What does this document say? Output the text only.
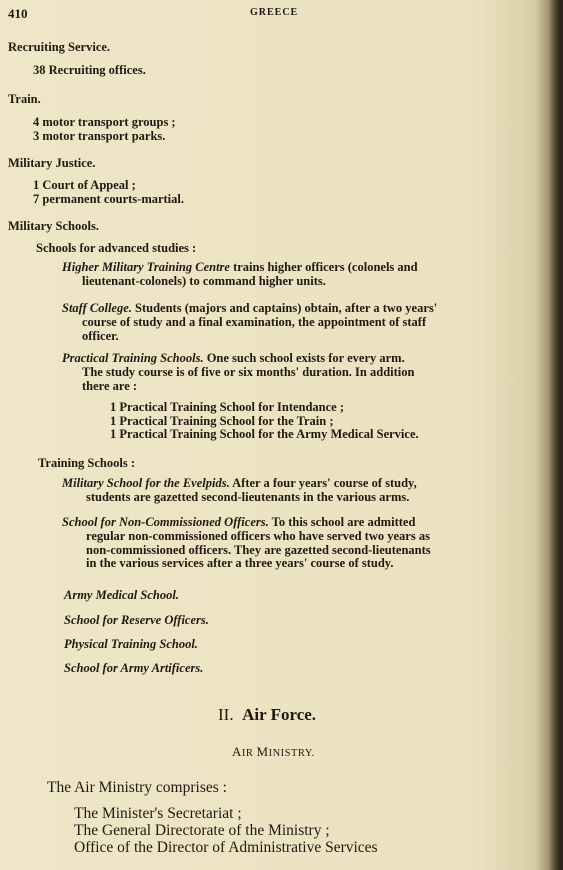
410	GREECE
Recruiting Service.
38 Recruiting offices.
Train.
4 motor transport groups ;
3 motor transport parks.
Military Justice.
1 Court of Appeal ;
7 permanent courts-martial.
Military Schools.
Schools for advanced studies :
Higher Military Training Centre trains higher officers (colonels and
lieutenant-colonels) to command higher units.
Staff College. Students (majors and captains) obtain, after a two years'
course of study and a final examination, the appointment of staff
officer.
Practical Training Schools. One such school exists for every arm.
The study course is of five or six months' duration. In addition
there are :
1 Practical Training School for Intendance ;
1 Practical Training School for the Train ;
1 Practical Training School for the Army Medical Service.
Training Schools :
Military School for the Evelpids. After a four years' course of study,
students are gazetted second-lieutenants in the various arms.
School for Non-Commissioned Officers. To this school are admitted
regular non-commissioned officers who have served two years as
non-commissioned officers. They are gazetted second-lieutenants
in the various services after a three years' course of study.
Army Medical School.
School for Reserve Officers.
Physical Training School.
School for Army Artificers.
II. Air Force.
AIR MINISTRY.
The Air Ministry comprises :
The Minister's Secretariat ;
The General Directorate of the Ministry ;
Office of the Director of Administrative Services
